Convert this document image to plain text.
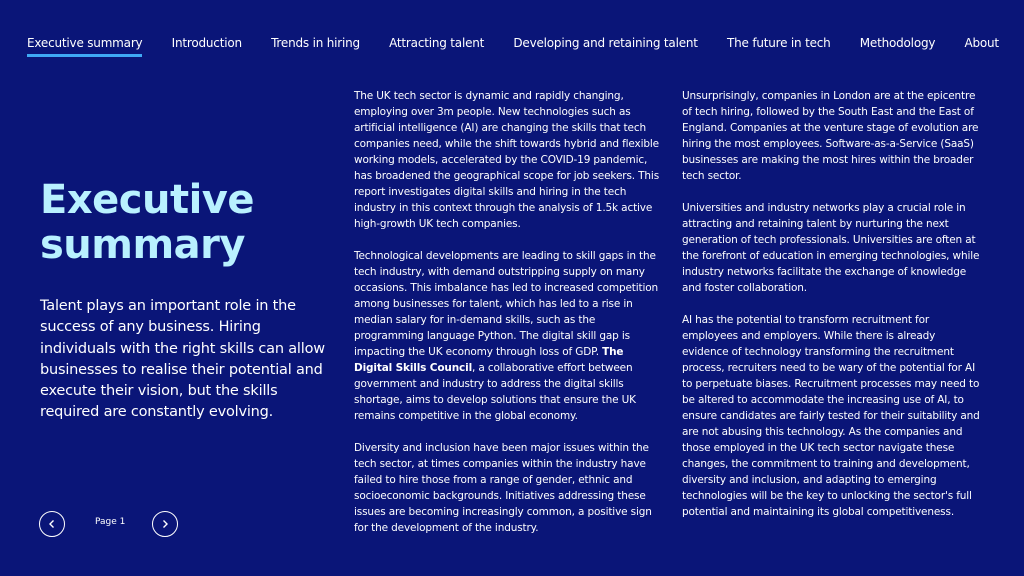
Executive summary Introduction Trends in hiring Attracting talent Developing and retaining talent The future in tech Methodology About
Executive
summary

Talent plays an important role in the success of any business. Hiring individuals with the right skills can allow businesses to realise their potential and execute their vision, but the skills required are constantly evolving.

The UK tech sector is dynamic and rapidly changing, employing over 3m people. New technologies such as artificial intelligence (AI) are changing the skills that tech companies need, while the shift towards hybrid and flexible working models, accelerated by the COVID-19 pandemic, has broadened the geographical scope for job seekers. This report investigates digital skills and hiring in the tech industry in this context through the analysis of 1.5k active high-growth UK tech companies.

Technological developments are leading to skill gaps in the tech industry, with demand outstripping supply on many occasions. This imbalance has led to increased competition among businesses for talent, which has led to a rise in median salary for in-demand skills, such as the programming language Python. The digital skill gap is impacting the UK economy through loss of GDP. The Digital Skills Council, a collaborative effort between government and industry to address the digital skills shortage, aims to develop solutions that ensure the UK remains competitive in the global economy.

Diversity and inclusion have been major issues within the tech sector, at times companies within the industry have failed to hire those from a range of gender, ethnic and socioeconomic backgrounds. Initiatives addressing these issues are becoming increasingly common, a positive sign for the development of the industry.

Unsurprisingly, companies in London are at the epicentre of tech hiring, followed by the South East and the East of England. Companies at the venture stage of evolution are hiring the most employees. Software-as-a-Service (SaaS) businesses are making the most hires within the broader tech sector.

Universities and industry networks play a crucial role in attracting and retaining talent by nurturing the next generation of tech professionals. Universities are often at the forefront of education in emerging technologies, while industry networks facilitate the exchange of knowledge and foster collaboration.

AI has the potential to transform recruitment for employees and employers. While there is already evidence of technology transforming the recruitment process, recruiters need to be wary of the potential for AI to perpetuate biases. Recruitment processes may need to be altered to accommodate the increasing use of AI, to ensure candidates are fairly tested for their suitability and are not abusing this technology. As the companies and those employed in the UK tech sector navigate these changes, the commitment to training and development, diversity and inclusion, and adapting to emerging technologies will be the key to unlocking the sector's full potential and maintaining its global competitiveness.

Page 1
